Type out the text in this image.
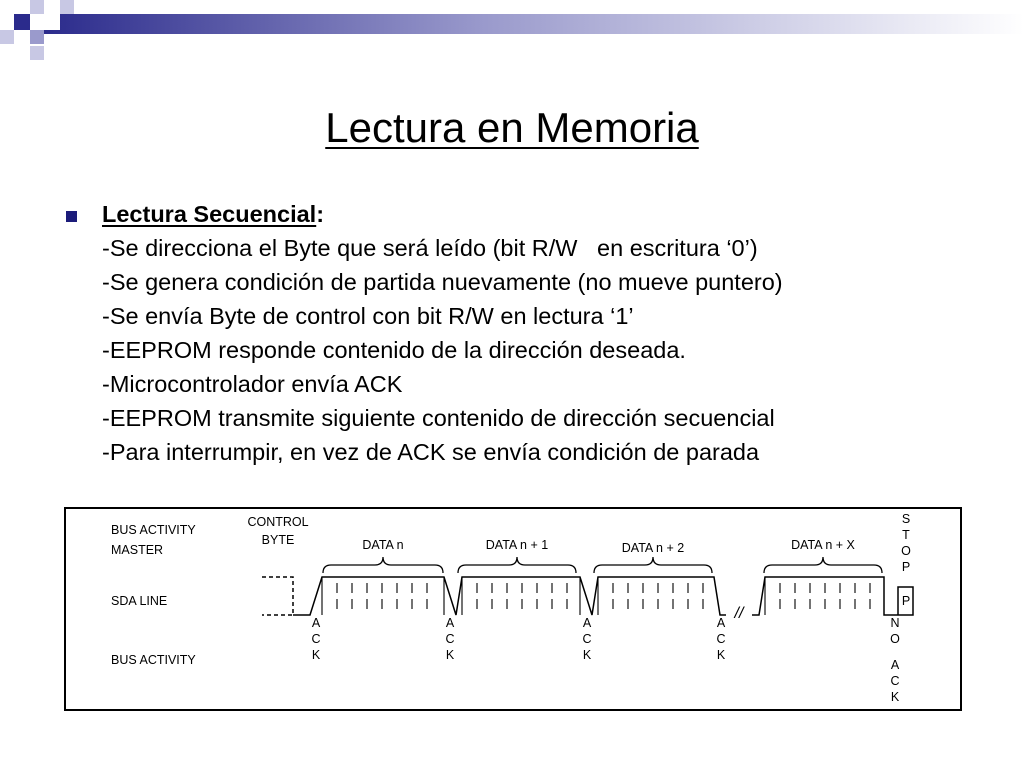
Lectura en Memoria
Lectura Secuencial:
-Se direcciona el Byte que será leído (bit R/W   en escritura ‘0’)
-Se genera condición de partida nuevamente (no mueve puntero)
-Se envía Byte de control con bit R/W en lectura ‘1’
-EEPROM responde contenido de la dirección deseada.
-Microcontrolador envía ACK
-EEPROM transmite siguiente contenido de dirección secuencial
-Para interrumpir, en vez de ACK se envía condición de parada
BUS ACTIVITY
MASTER
SDA LINE
BUS ACTIVITY
CONTROL
BYTE	DATA n	DATA n + 1	DATA n + 2	DATA n + X
//
P
S
T
O
P
A
C
K
A
C
K
A
C
K
A
C
K
N
O
A
C
K
